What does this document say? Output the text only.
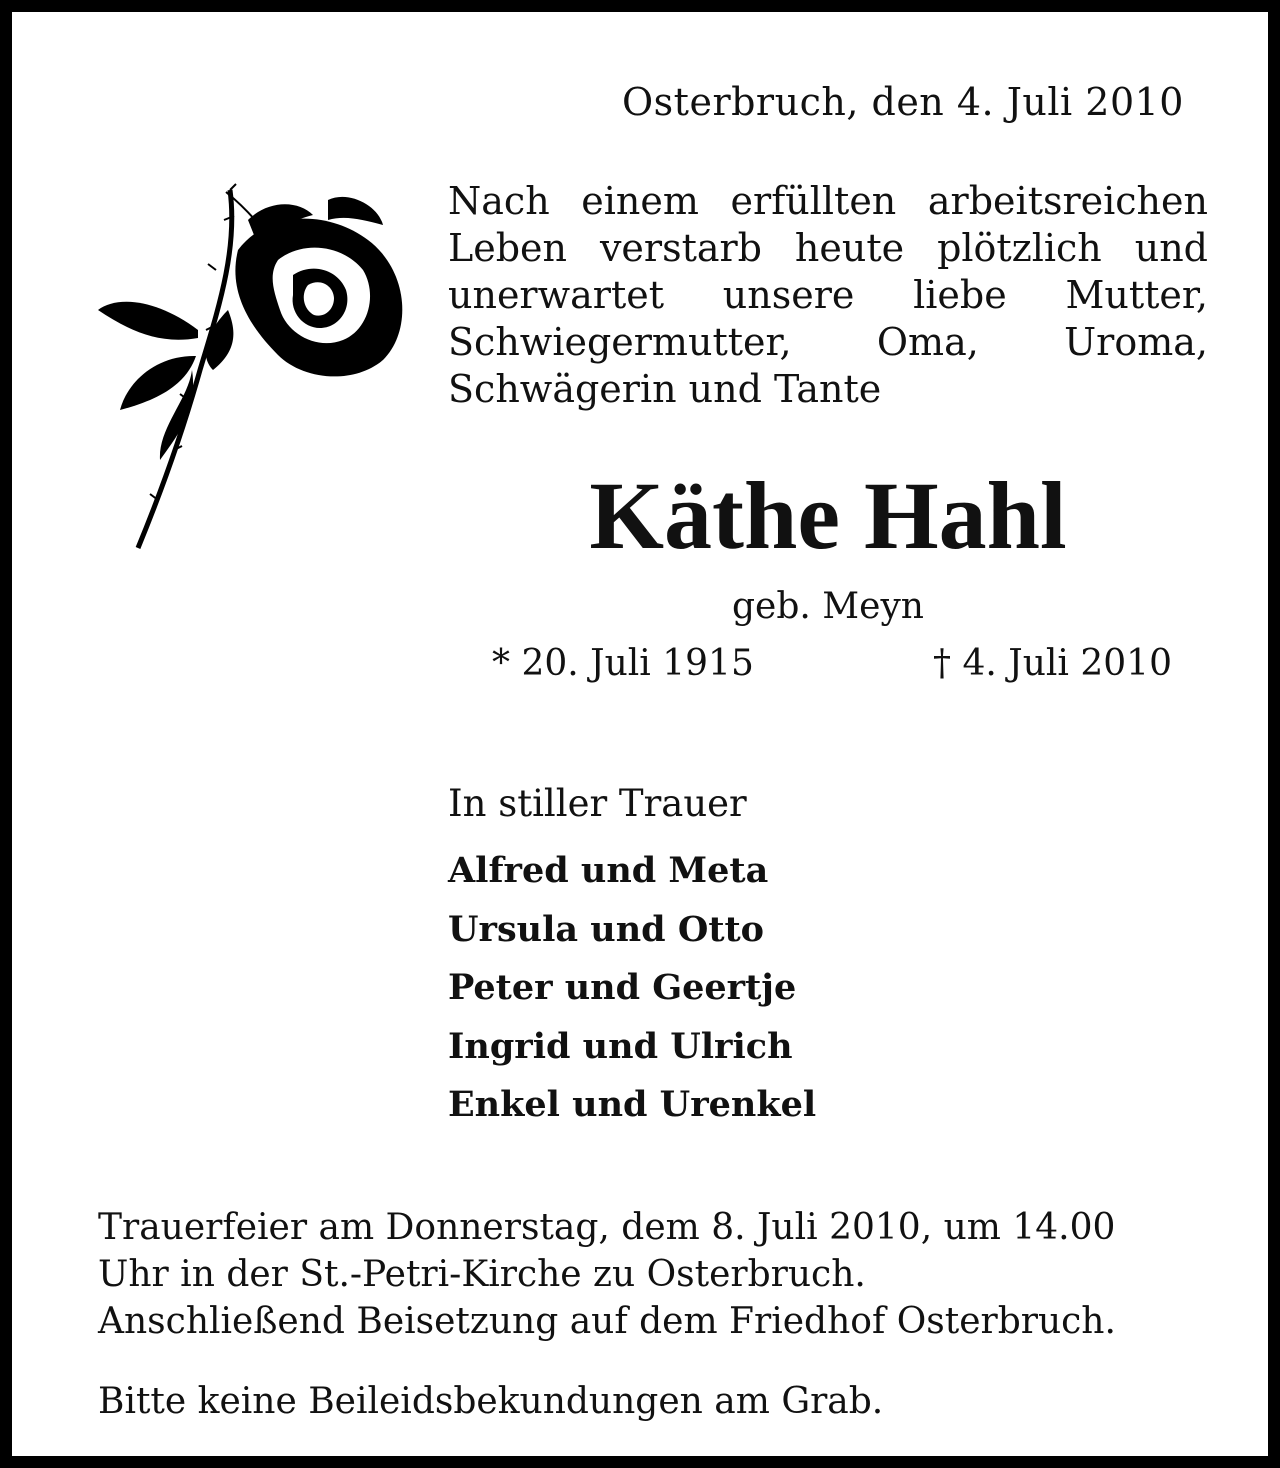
Osterbruch, den 4. Juli 2010
Nach einem erfüllten arbeitsreichen Leben verstarb heute plötzlich und unerwartet unsere liebe Mutter, Schwiegermutter, Oma, Uroma, Schwägerin und Tante
Käthe Hahl
geb. Meyn
* 20. Juli 1915	† 4. Juli 2010
In stiller Trauer
Alfred und Meta
Ursula und Otto
Peter und Geertje
Ingrid und Ulrich
Enkel und Urenkel
Trauerfeier am Donnerstag, dem 8. Juli 2010, um 14.00
Uhr in der St.-Petri-Kirche zu Osterbruch.
Anschließend Beisetzung auf dem Friedhof Osterbruch.
Bitte keine Beileidsbekundungen am Grab.
